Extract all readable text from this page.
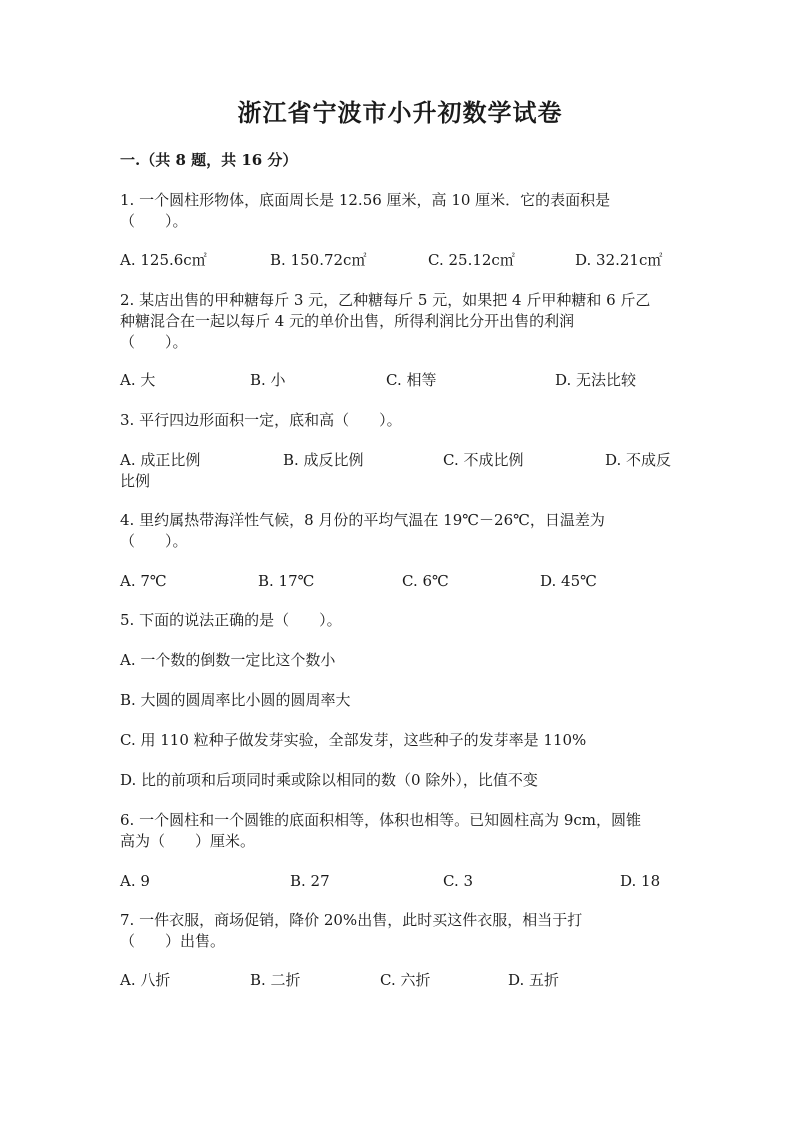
浙江省宁波市小升初数学试卷
一.（共 8 题，共 16 分）
1. 一个圆柱形物体，底面周长是 12.56 厘米，高 10 厘米．它的表面积是
（　　）。
A. 125.6c㎡	B. 150.72c㎡	C. 25.12c㎡	D. 32.21c㎡
2. 某店出售的甲种糖每斤 3 元，乙种糖每斤 5 元，如果把 4 斤甲种糖和 6 斤乙
种糖混合在一起以每斤 4 元的单价出售，所得利润比分开出售的利润
（　　）。
A. 大	B. 小	C. 相等	D. 无法比较
3. 平行四边形面积一定，底和高（　　）。
A. 成正比例	B. 成反比例	C. 不成比例	D. 不成反
比例
4. 里约属热带海洋性气候，8 月份的平均气温在 19℃－26℃，日温差为
（　　）。
A. 7℃	B. 17℃	C. 6℃	D. 45℃
5. 下面的说法正确的是（　　）。
A. 一个数的倒数一定比这个数小
B. 大圆的圆周率比小圆的圆周率大
C. 用 110 粒种子做发芽实验，全部发芽，这些种子的发芽率是 110%
D. 比的前项和后项同时乘或除以相同的数（0 除外），比值不变
6. 一个圆柱和一个圆锥的底面积相等，体积也相等。已知圆柱高为 9cm，圆锥
高为（　　）厘米。
A. 9	B. 27	C. 3	D. 18
7. 一件衣服，商场促销，降价 20%出售，此时买这件衣服，相当于打
（　　）出售。
A. 八折	B. 二折	C. 六折	D. 五折
